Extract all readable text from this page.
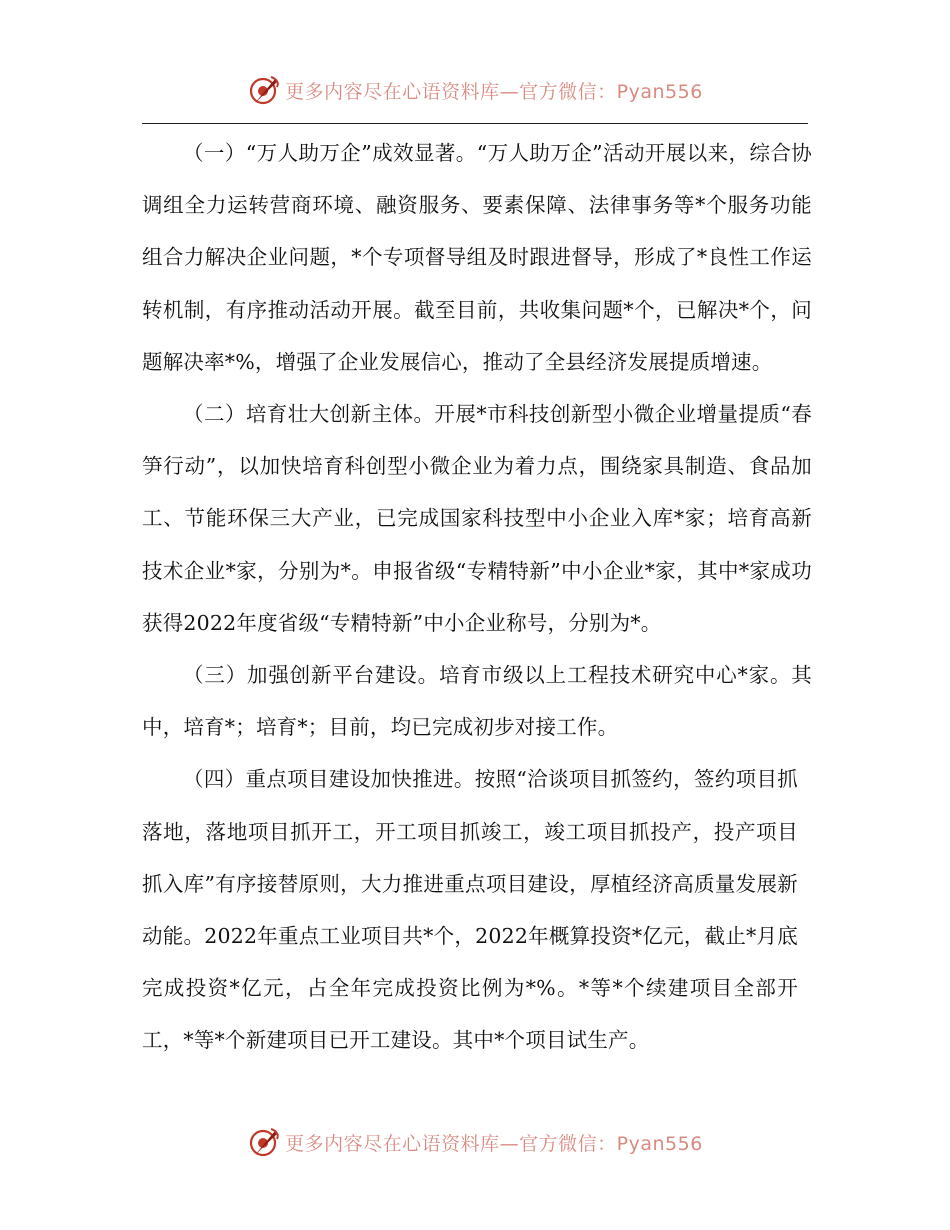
更多内容尽在心语资料库—官方微信：Pyan556

（一）“万人助万企”成效显著。“万人助万企”活动开展以来，综合协调组全力运转营商环境、融资服务、要素保障、法律事务等*个服务功能组合力解决企业问题，*个专项督导组及时跟进督导，形成了*良性工作运转机制，有序推动活动开展。截至目前，共收集问题*个，已解决*个，问题解决率*%，增强了企业发展信心，推动了全县经济发展提质增速。

（二）培育壮大创新主体。开展*市科技创新型小微企业增量提质“春笋行动”，以加快培育科创型小微企业为着力点，围绕家具制造、食品加工、节能环保三大产业，已完成国家科技型中小企业入库*家；培育高新技术企业*家，分别为*。申报省级“专精特新”中小企业*家，其中*家成功获得2022年度省级“专精特新”中小企业称号，分别为*。

（三）加强创新平台建设。培育市级以上工程技术研究中心*家。其中，培育*；培育*；目前，均已完成初步对接工作。

（四）重点项目建设加快推进。按照“洽谈项目抓签约，签约项目抓落地，落地项目抓开工，开工项目抓竣工，竣工项目抓投产，投产项目抓入库”有序接替原则，大力推进重点项目建设，厚植经济高质量发展新动能。2022年重点工业项目共*个，2022年概算投资*亿元，截止*月底完成投资*亿元，占全年完成投资比例为*%。*等*个续建项目全部开工，*等*个新建项目已开工建设。其中*个项目试生产。

更多内容尽在心语资料库—官方微信：Pyan556
